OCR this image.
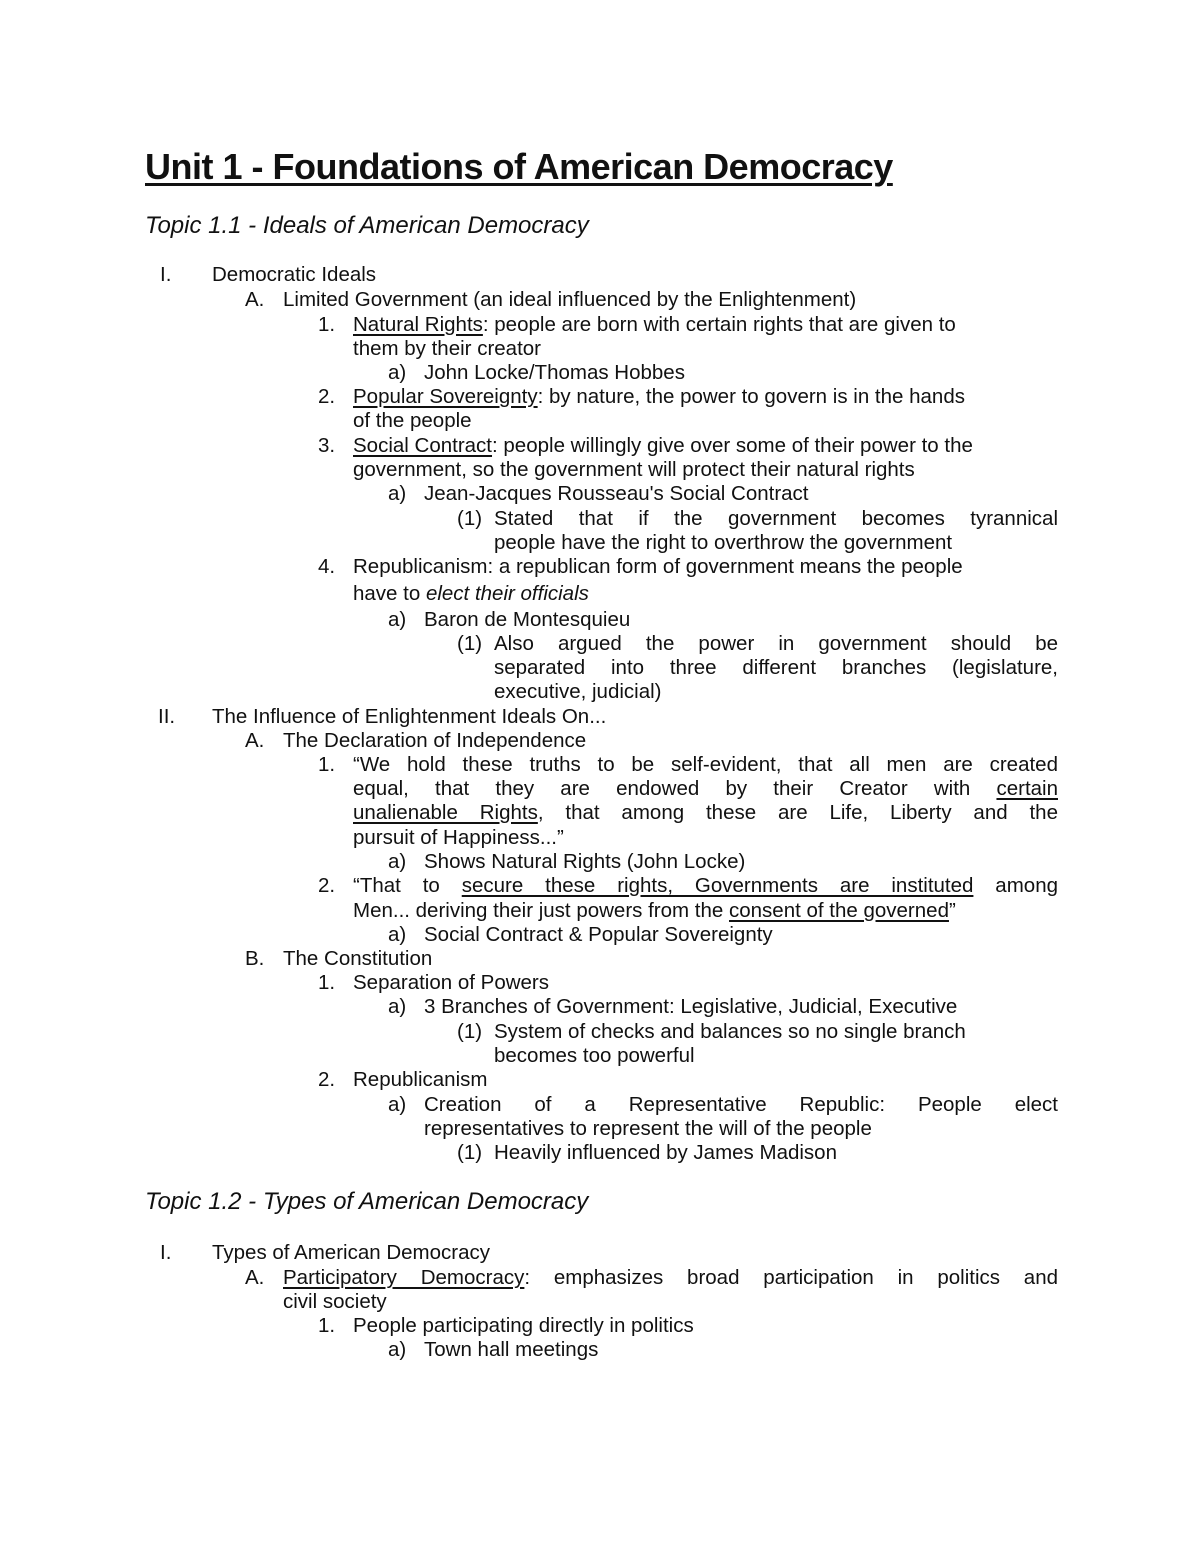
Unit 1 - Foundations of American Democracy
Topic 1.1 - Ideals of American Democracy
Topic 1.2 - Types of American Democracy
I. Democratic Ideals
A. Limited Government (an ideal influenced by the Enlightenment)
1. Natural Rights: people are born with certain rights that are given to
them by their creator
a) John Locke/Thomas Hobbes
2. Popular Sovereignty: by nature, the power to govern is in the hands
of the people
3. Social Contract: people willingly give over some of their power to the
government, so the government will protect their natural rights
a) Jean-Jacques Rousseau's Social Contract
(1) Stated that if the government becomes tyrannical
people have the right to overthrow the government
4. Republicanism: a republican form of government means the people
have to elect their officials
a) Baron de Montesquieu
(1) Also argued the power in government should be
separated into three different branches (legislature,
executive, judicial)
II. The Influence of Enlightenment Ideals On...
A. The Declaration of Independence
1. “We hold these truths to be self-evident, that all men are created
equal, that they are endowed by their Creator with certain
unalienable Rights, that among these are Life, Liberty and the
pursuit of Happiness...”
a) Shows Natural Rights (John Locke)
2. “That to secure these rights, Governments are instituted among
Men... deriving their just powers from the consent of the governed”
a) Social Contract & Popular Sovereignty
B. The Constitution
1. Separation of Powers
a) 3 Branches of Government: Legislative, Judicial, Executive
(1) System of checks and balances so no single branch
becomes too powerful
2. Republicanism
a) Creation of a Representative Republic: People elect
representatives to represent the will of the people
(1) Heavily influenced by James Madison
I. Types of American Democracy
A. Participatory Democracy: emphasizes broad participation in politics and
civil society
1. People participating directly in politics
a) Town hall meetings
